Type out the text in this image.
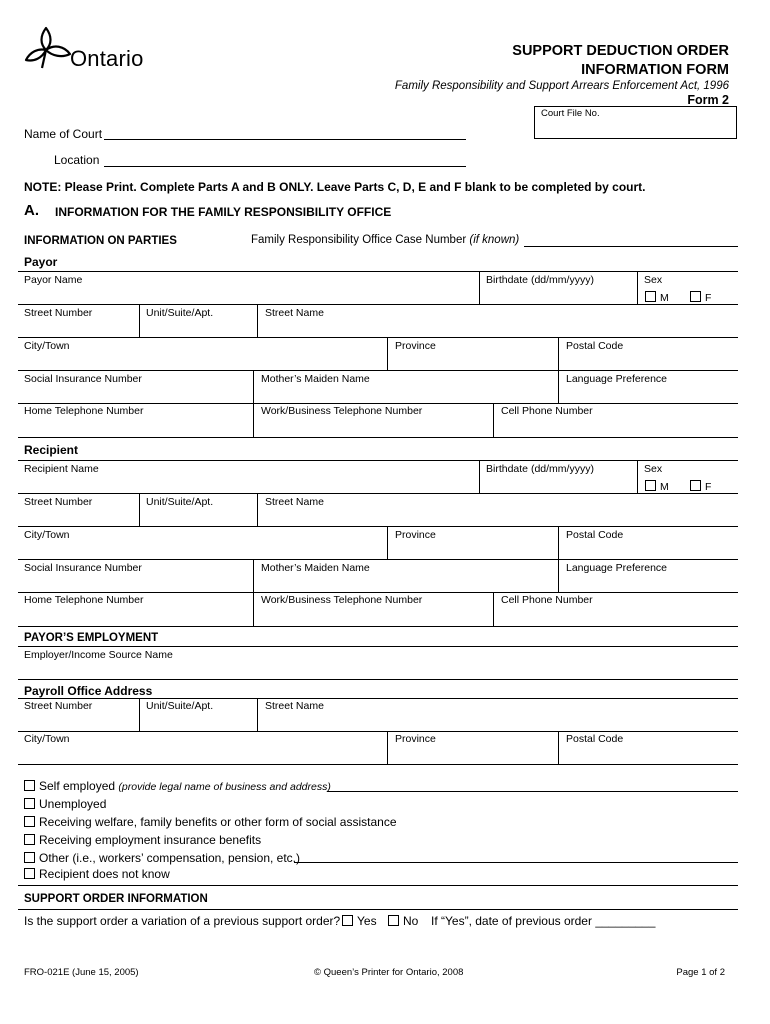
Ontario	SUPPORT DEDUCTION ORDER
INFORMATION FORM
Family Responsibility and Support Arrears Enforcement Act, 1996
Form 2
Court File No.
Name of Court
Location
NOTE: Please Print. Complete Parts A and B ONLY. Leave Parts C, D, E and F blank to be completed by court.
A. INFORMATION FOR THE FAMILY RESPONSIBILITY OFFICE
INFORMATION ON PARTIES	Family Responsibility Office Case Number (if known)
Payor
Payor Name	Birthdate (dd/mm/yyyy)	Sex
M	F
Street Number	Unit/Suite/Apt.	Street Name
City/Town	Province	Postal Code
Social Insurance Number	Mother’s Maiden Name	Language Preference
Home Telephone Number	Work/Business Telephone Number	Cell Phone Number
Recipient
Recipient Name	Birthdate (dd/mm/yyyy)	Sex
M	F
Street Number	Unit/Suite/Apt.	Street Name
City/Town	Province	Postal Code
Social Insurance Number	Mother’s Maiden Name	Language Preference
Home Telephone Number	Work/Business Telephone Number	Cell Phone Number
PAYOR’S EMPLOYMENT
Employer/Income Source Name
Payroll Office Address
Street Number	Unit/Suite/Apt.	Street Name
City/Town	Province	Postal Code
Self employed (provide legal name of business and address)
Unemployed
Receiving welfare, family benefits or other form of social assistance
Receiving employment insurance benefits
Other (i.e., workers’ compensation, pension, etc.)
Recipient does not know
SUPPORT ORDER INFORMATION
Is the support order a variation of a previous support order?	Yes	No If “Yes”, date of previous order _________
FRO-021E (June 15, 2005)	© Queen’s Printer for Ontario, 2008	Page 1 of 2
